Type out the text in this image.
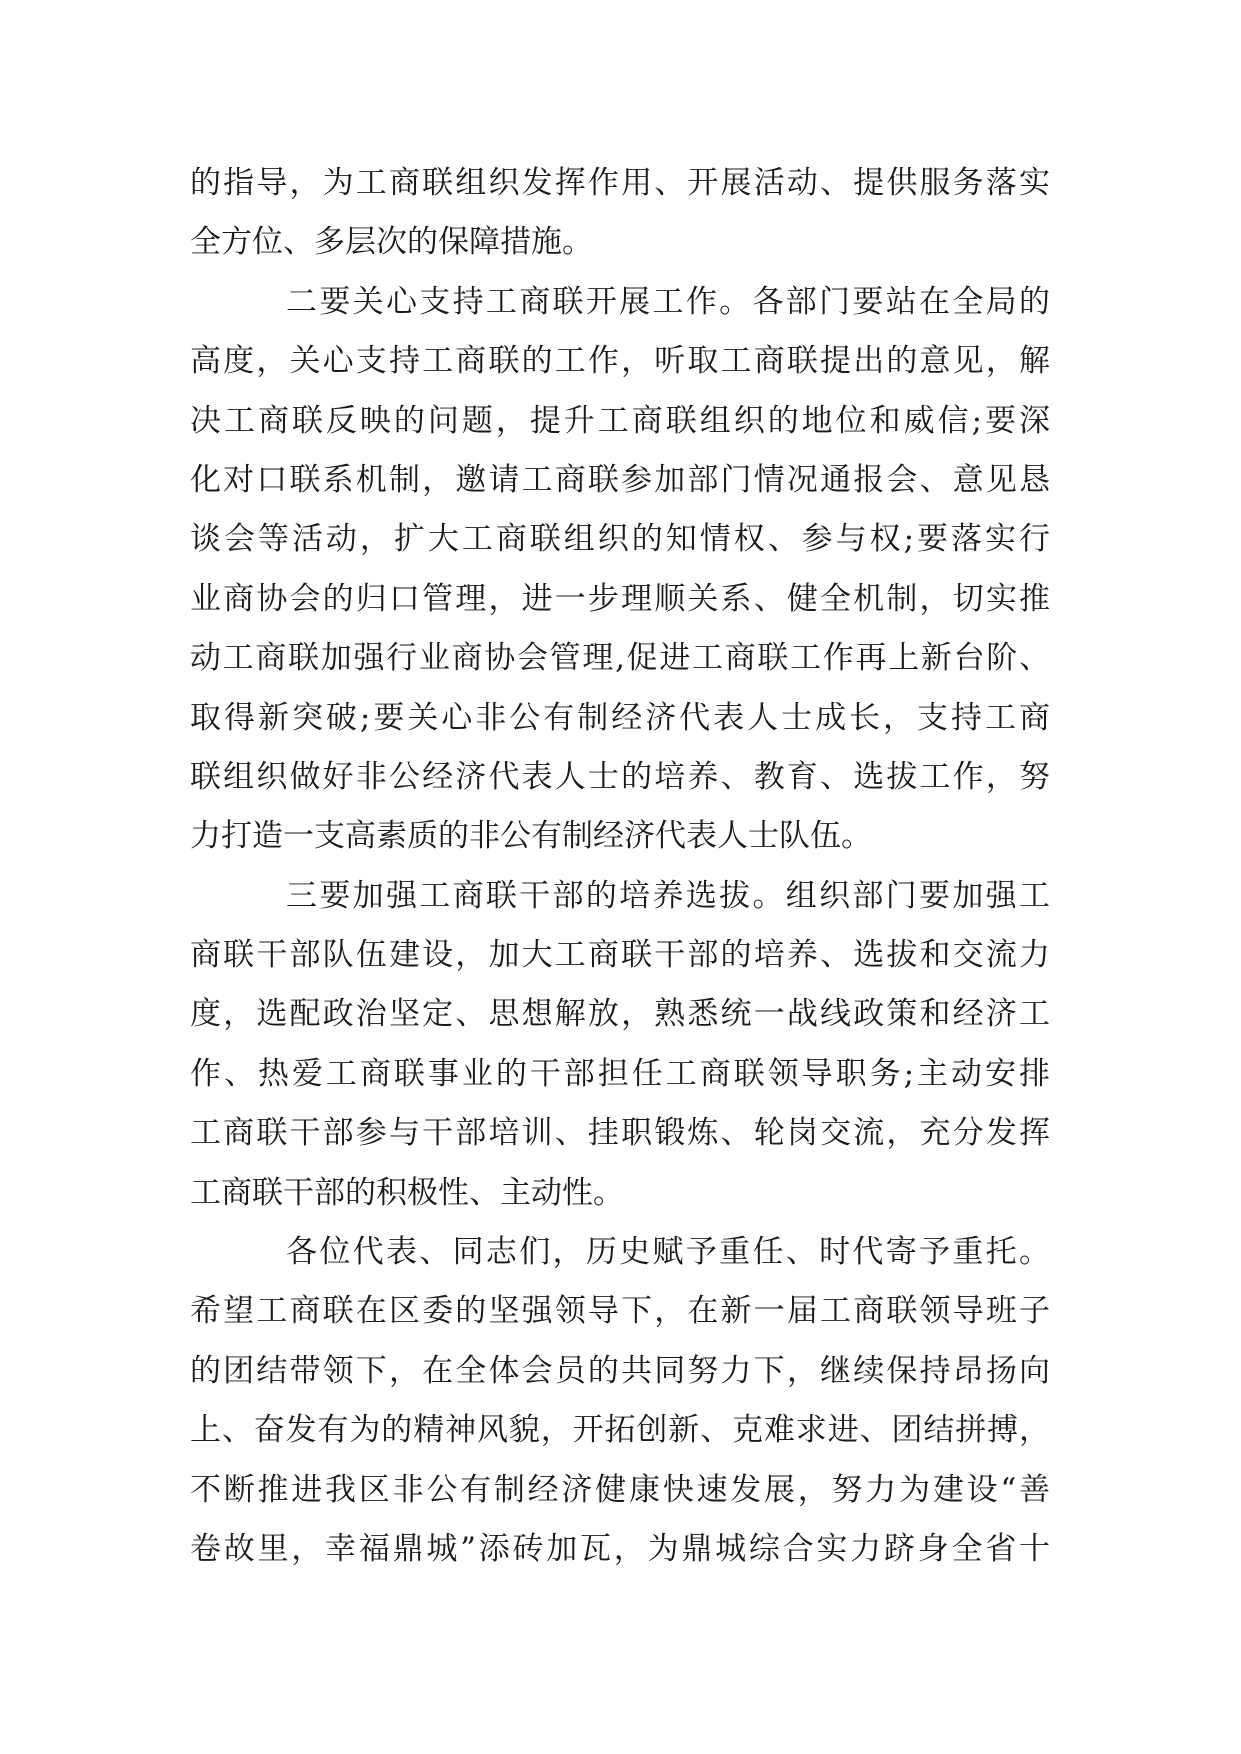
的指导，为工商联组织发挥作用、开展活动、提供服务落实
全方位、多层次的保障措施。
二要关心支持工商联开展工作。各部门要站在全局的
高度，关心支持工商联的工作，听取工商联提出的意见，解
决工商联反映的问题，提升工商联组织的地位和威信;要深
化对口联系机制，邀请工商联参加部门情况通报会、意见恳
谈会等活动，扩大工商联组织的知情权、参与权;要落实行
业商协会的归口管理，进一步理顺关系、健全机制，切实推
动工商联加强行业商协会管理,促进工商联工作再上新台阶、
取得新突破;要关心非公有制经济代表人士成长，支持工商
联组织做好非公经济代表人士的培养、教育、选拔工作，努
力打造一支高素质的非公有制经济代表人士队伍。
三要加强工商联干部的培养选拔。组织部门要加强工
商联干部队伍建设，加大工商联干部的培养、选拔和交流力
度，选配政治坚定、思想解放，熟悉统一战线政策和经济工
作、热爱工商联事业的干部担任工商联领导职务;主动安排
工商联干部参与干部培训、挂职锻炼、轮岗交流，充分发挥
工商联干部的积极性、主动性。
各位代表、同志们，历史赋予重任、时代寄予重托。
希望工商联在区委的坚强领导下，在新一届工商联领导班子
的团结带领下，在全体会员的共同努力下，继续保持昂扬向
上、奋发有为的精神风貌，开拓创新、克难求进、团结拼搏，
不断推进我区非公有制经济健康快速发展，努力为建设“善
卷故里，幸福鼎城”添砖加瓦，为鼎城综合实力跻身全省十
